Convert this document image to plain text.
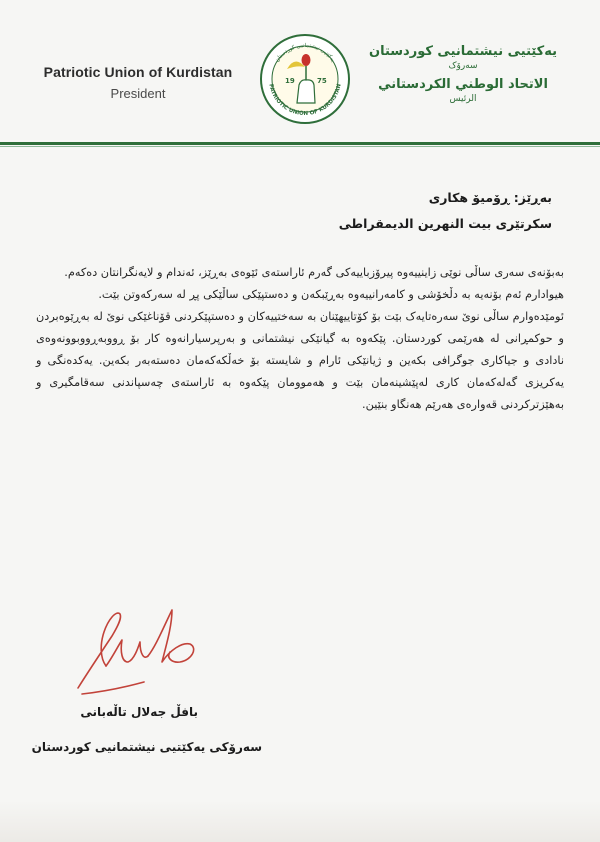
Patriotic Union of Kurdistan
President
یەکێتیی نیشتمانیی کوردستان
PATRIOTIC UNION OF KURDISTAN
19	75
یەکێتیی نیشتمانیی کوردستان
سەرۆک
الاتحاد الوطني الكردستاني
الرئيس
بەڕێز: ڕۆمیۆ هکاری
سکرتێری بیت النهرین الدیمقراطی

بەبۆنەی سەری ساڵی نوێی زاینییەوە پیرۆزباییەکی گەرم ئاراستەی ئێوەی بەڕێز، ئەندام و لایەنگرانتان دەکەم.

هیوادارم ئەم بۆنەیە بە دڵخۆشی و کامەرانییەوە بەڕێبکەن و دەستپێکی ساڵێکی پڕ لە سەرکەوتن بێت.

ئومێدەوارم ساڵی نوێ سەرەتایەک بێت بۆ کۆتاییهێنان بە سەختییەکان و دەستپێکردنی قۆناغێکی نوێ لە بەڕێوەبردن و حوکمڕانی لە هەرێمی کوردستان. پێکەوە بە گیانێکی نیشتمانی و بەرپرسیارانەوە کار بۆ ڕووبەڕووبوونەوەی نادادی و جیاکاری جوگرافی بکەین و ژیانێکی ئارام و شایستە بۆ خەڵکەکەمان دەستەبەر بکەین. یەکدەنگی و یەکریزی گەلەکەمان کاری لەپێشینەمان بێت و هەموومان پێکەوە بە ئاراستەی چەسپاندنی سەقامگیری و بەهێزترکردنی قەوارەی هەرێم هەنگاو بنێین.

بافڵ جەلال تاڵەبانی
سەرۆکی یەکێتیی نیشتمانیی کوردستان
